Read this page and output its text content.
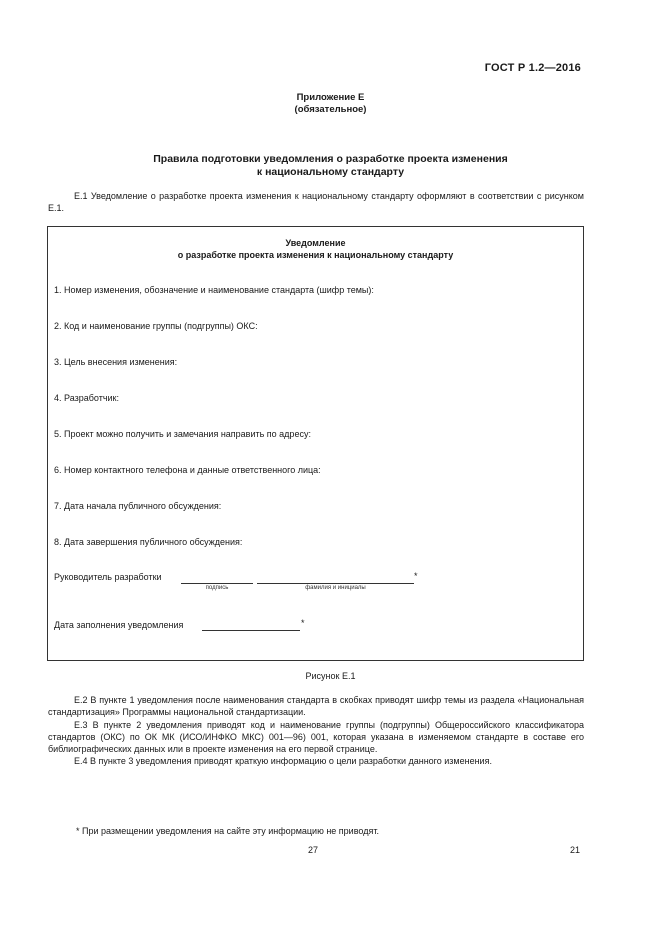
ГОСТ Р 1.2—2016
Приложение Е
(обязательное)
Правила подготовки уведомления о разработке проекта изменения
к национальному стандарту

Е.1 Уведомление о разработке проекта изменения к национальному стандарту оформляют в соответствии с рисунком Е.1.

Уведомление
о разработке проекта изменения к национальному стандарту
1. Номер изменения, обозначение и наименование стандарта (шифр темы):
2. Код и наименование группы (подгруппы) ОКС:
3. Цель внесения изменения:
4. Разработчик:
5. Проект можно получить и замечания направить по адресу:
6. Номер контактного телефона и данные ответственного лица:
7. Дата начала публичного обсуждения:
8. Дата завершения публичного обсуждения:
Руководитель разработки	*
подпись	фамилия и инициалы
Дата заполнения уведомления	*
Рисунок Е.1

Е.2 В пункте 1 уведомления после наименования стандарта в скобках приводят шифр темы из раздела «Национальная стандартизация» Программы национальной стандартизации.

Е.3 В пункте 2 уведомления приводят код и наименование группы (подгруппы) Общероссийского классификатора стандартов (ОКС) по ОК МК (ИСО/ИНФКО МКС) 001—96) 001, которая указана в изменяемом стандарте в составе его библиографических данных или в проекте изменения на его первой странице.

Е.4 В пункте 3 уведомления приводят краткую информацию о цели разработки данного изменения.

* При размещении уведомления на сайте эту информацию не приводят.
27	21
